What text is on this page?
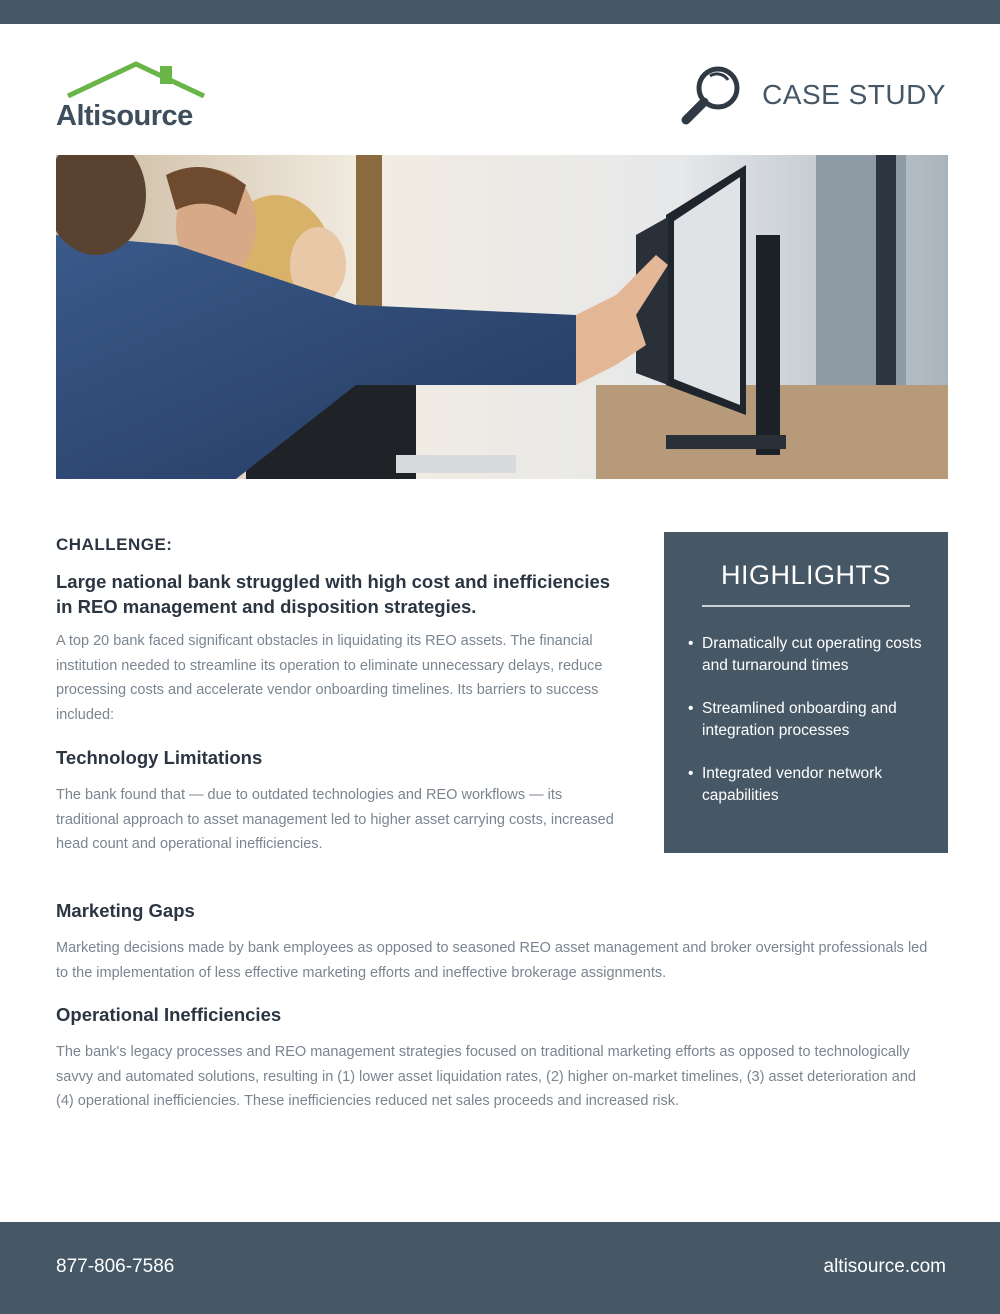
Altisource
CASE STUDY

CHALLENGE:

Large national bank struggled with high cost and inefficiencies in REO management and disposition strategies.

A top 20 bank faced significant obstacles in liquidating its REO assets. The financial institution needed to streamline its operation to eliminate unnecessary delays, reduce processing costs and accelerate vendor onboarding timelines. Its barriers to success included:

Technology Limitations

The bank found that — due to outdated technologies and REO workflows — its traditional approach to asset management led to higher asset carrying costs, increased head count and operational inefficiencies.

HIGHLIGHTS
• Dramatically cut operating costs and turnaround times
• Streamlined onboarding and integration processes
• Integrated vendor network capabilities

Marketing Gaps

Marketing decisions made by bank employees as opposed to seasoned REO asset management and broker oversight professionals led to the implementation of less effective marketing efforts and ineffective brokerage assignments.

Operational Inefficiencies

The bank's legacy processes and REO management strategies focused on traditional marketing efforts as opposed to technologically savvy and automated solutions, resulting in (1) lower asset liquidation rates, (2) higher on-market timelines, (3) asset deterioration and (4) operational inefficiencies. These inefficiencies reduced net sales proceeds and increased risk.

877-806-7586	altisource.com
